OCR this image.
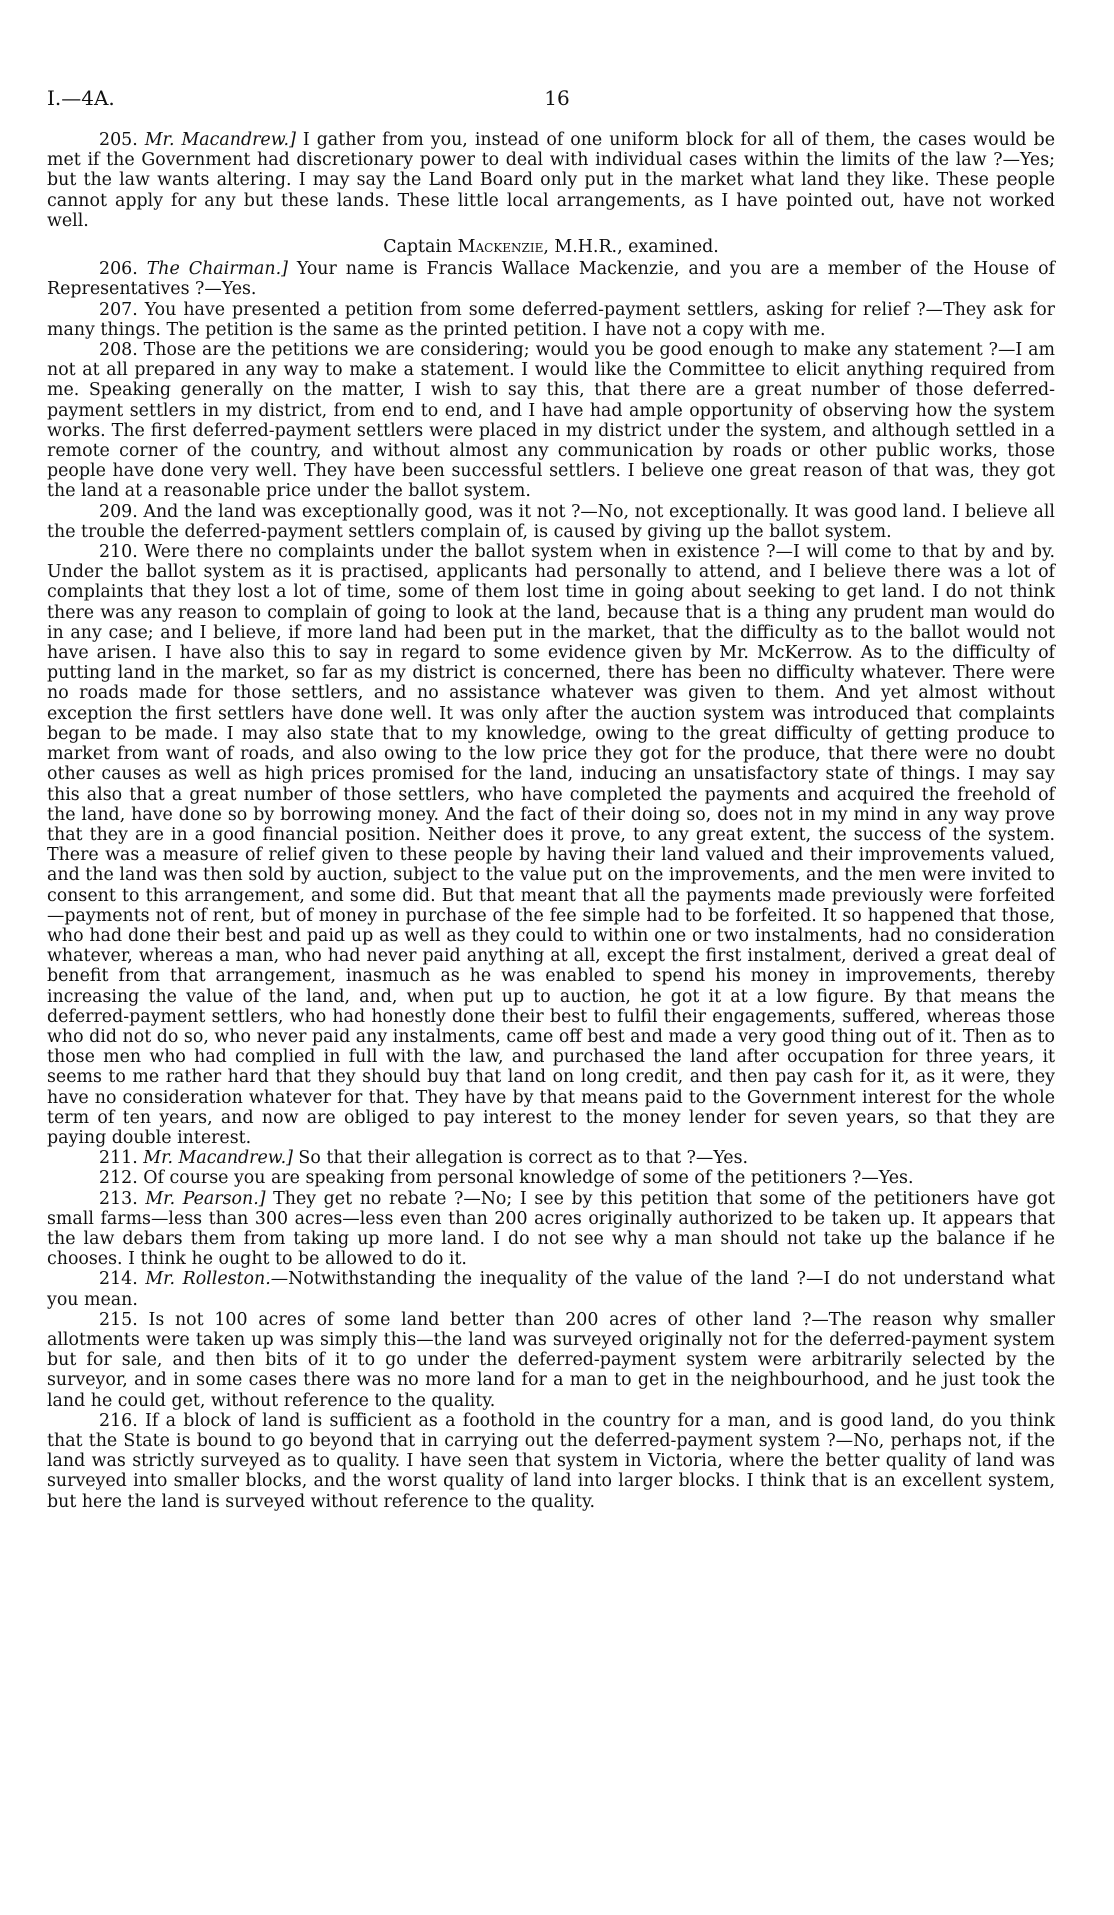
I.—4A.	16

205. Mr. Macandrew.] I gather from you, instead of one uniform block for all of them, the cases would be met if the Government had discretionary power to deal with individual cases within the limits of the law ?—Yes; but the law wants altering. I may say the Land Board only put in the market what land they like. These people cannot apply for any but these lands. These little local arrangements, as I have pointed out, have not worked well.

Captain Mackenzie, M.H.R., examined.

206. The Chairman.] Your name is Francis Wallace Mackenzie, and you are a member of the House of Representatives ?—Yes.

207. You have presented a petition from some deferred-payment settlers, asking for relief ?—They ask for many things. The petition is the same as the printed petition. I have not a copy with me.

208. Those are the petitions we are considering; would you be good enough to make any statement ?—I am not at all prepared in any way to make a statement. I would like the Committee to elicit anything required from me. Speaking generally on the matter, I wish to say this, that there are a great number of those deferred-payment settlers in my district, from end to end, and I have had ample opportunity of observing how the system works. The first deferred-payment settlers were placed in my district under the system, and although settled in a remote corner of the country, and without almost any communication by roads or other public works, those people have done very well. They have been successful settlers. I believe one great reason of that was, they got the land at a reasonable price under the ballot system.

209. And the land was exceptionally good, was it not ?—No, not exceptionally. It was good land. I believe all the trouble the deferred-payment settlers complain of, is caused by giving up the ballot system.

210. Were there no complaints under the ballot system when in existence ?—I will come to that by and by. Under the ballot system as it is practised, applicants had personally to attend, and I believe there was a lot of complaints that they lost a lot of time, some of them lost time in going about seeking to get land. I do not think there was any reason to complain of going to look at the land, because that is a thing any prudent man would do in any case; and I believe, if more land had been put in the market, that the difficulty as to the ballot would not have arisen. I have also this to say in regard to some evidence given by Mr. McKerrow. As to the difficulty of putting land in the market, so far as my district is concerned, there has been no difficulty whatever. There were no roads made for those settlers, and no assistance whatever was given to them. And yet almost without exception the first settlers have done well. It was only after the auction system was introduced that complaints began to be made. I may also state that to my knowledge, owing to the great difficulty of getting produce to market from want of roads, and also owing to the low price they got for the produce, that there were no doubt other causes as well as high prices promised for the land, inducing an unsatisfactory state of things. I may say this also that a great number of those settlers, who have completed the payments and acquired the freehold of the land, have done so by borrowing money. And the fact of their doing so, does not in my mind in any way prove that they are in a good financial position. Neither does it prove, to any great extent, the success of the system. There was a measure of relief given to these people by having their land valued and their improvements valued, and the land was then sold by auction, subject to the value put on the improvements, and the men were invited to consent to this arrangement, and some did. But that meant that all the payments made previously were forfeited—payments not of rent, but of money in purchase of the fee simple had to be forfeited. It so happened that those, who had done their best and paid up as well as they could to within one or two instalments, had no consideration whatever, whereas a man, who had never paid anything at all, except the first instalment, derived a great deal of benefit from that arrangement, inasmuch as he was enabled to spend his money in improvements, thereby increasing the value of the land, and, when put up to auction, he got it at a low figure. By that means the deferred-payment settlers, who had honestly done their best to fulfil their engagements, suffered, whereas those who did not do so, who never paid any instalments, came off best and made a very good thing out of it. Then as to those men who had complied in full with the law, and purchased the land after occupation for three years, it seems to me rather hard that they should buy that land on long credit, and then pay cash for it, as it were, they have no consideration whatever for that. They have by that means paid to the Government interest for the whole term of ten years, and now are obliged to pay interest to the money lender for seven years, so that they are paying double interest.

211. Mr. Macandrew.] So that their allegation is correct as to that ?—Yes.

212. Of course you are speaking from personal knowledge of some of the petitioners ?—Yes.

213. Mr. Pearson.] They get no rebate ?—No; I see by this petition that some of the petitioners have got small farms—less than 300 acres—less even than 200 acres originally authorized to be taken up. It appears that the law debars them from taking up more land. I do not see why a man should not take up the balance if he chooses. I think he ought to be allowed to do it.

214. Mr. Rolleston.—Notwithstanding the inequality of the value of the land ?—I do not understand what you mean.

215. Is not 100 acres of some land better than 200 acres of other land ?—The reason why smaller allotments were taken up was simply this—the land was surveyed originally not for the deferred-payment system but for sale, and then bits of it to go under the deferred-payment system were arbitrarily selected by the surveyor, and in some cases there was no more land for a man to get in the neighbourhood, and he just took the land he could get, without reference to the quality.

216. If a block of land is sufficient as a foothold in the country for a man, and is good land, do you think that the State is bound to go beyond that in carrying out the deferred-payment system ?—No, perhaps not, if the land was strictly surveyed as to quality. I have seen that system in Victoria, where the better quality of land was surveyed into smaller blocks, and the worst quality of land into larger blocks. I think that is an excellent system, but here the land is surveyed without reference to the quality.
